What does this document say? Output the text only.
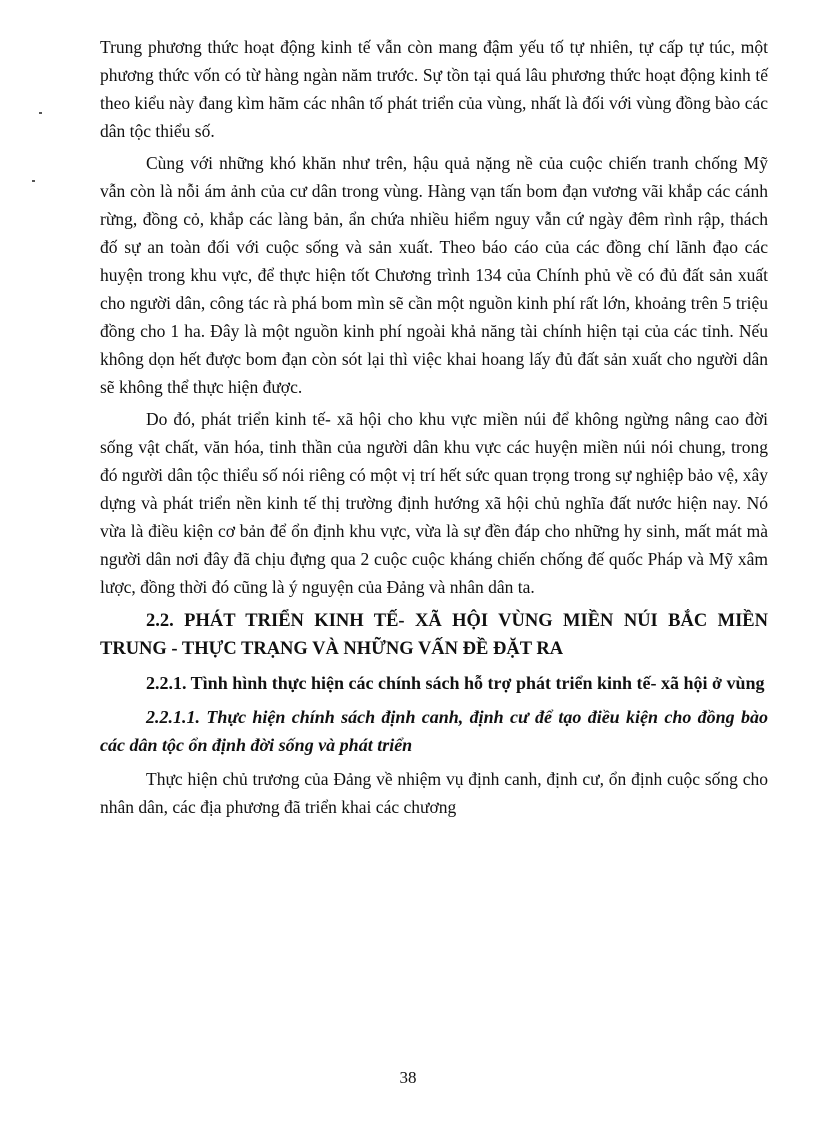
Trung phương thức hoạt động kinh tế vẫn còn mang đậm yếu tố tự nhiên, tự cấp tự túc, một phương thức vốn có từ hàng ngàn năm trước. Sự tồn tại quá lâu phương thức hoạt động kinh tế theo kiểu này đang kìm hãm các nhân tố phát triển của vùng, nhất là đối với vùng đồng bào các dân tộc thiểu số.

Cùng với những khó khăn như trên, hậu quả nặng nề của cuộc chiến tranh chống Mỹ vẫn còn là nỗi ám ảnh của cư dân trong vùng. Hàng vạn tấn bom đạn vương vãi khắp các cánh rừng, đồng cỏ, khắp các làng bản, ẩn chứa nhiều hiểm nguy vẫn cứ ngày đêm rình rập, thách đố sự an toàn đối với cuộc sống và sản xuất. Theo báo cáo của các đồng chí lãnh đạo các huyện trong khu vực, để thực hiện tốt Chương trình 134 của Chính phủ về có đủ đất sản xuất cho người dân, công tác rà phá bom mìn sẽ cần một nguồn kinh phí rất lớn, khoảng trên 5 triệu đồng cho 1 ha. Đây là một nguồn kinh phí ngoài khả năng tài chính hiện tại của các tỉnh. Nếu không dọn hết được bom đạn còn sót lại thì việc khai hoang lấy đủ đất sản xuất cho người dân sẽ không thể thực hiện được.

Do đó, phát triển kinh tế- xã hội cho khu vực miền núi để không ngừng nâng cao đời sống vật chất, văn hóa, tinh thần của người dân khu vực các huyện miền núi nói chung, trong đó người dân tộc thiểu số nói riêng có một vị trí hết sức quan trọng trong sự nghiệp bảo vệ, xây dựng và phát triển nền kinh tế thị trường định hướng xã hội chủ nghĩa đất nước hiện nay. Nó vừa là điều kiện cơ bản để ổn định khu vực, vừa là sự đền đáp cho những hy sinh, mất mát mà người dân nơi đây đã chịu đựng qua 2 cuộc cuộc kháng chiến chống đế quốc Pháp và Mỹ xâm lược, đồng thời đó cũng là ý nguyện của Đảng và nhân dân ta.

2.2. PHÁT TRIỂN KINH TẾ- XÃ HỘI VÙNG MIỀN NÚI BẮC MIỀN TRUNG - THỰC TRẠNG VÀ NHỮNG VẤN ĐỀ ĐẶT RA
2.2.1. Tình hình thực hiện các chính sách hỗ trợ phát triển kinh tế- xã hội ở vùng
2.2.1.1. Thực hiện chính sách định canh, định cư để tạo điều kiện cho đồng bào các dân tộc ổn định đời sống và phát triển

Thực hiện chủ trương của Đảng về nhiệm vụ định canh, định cư, ổn định cuộc sống cho nhân dân, các địa phương đã triển khai các chương

38
